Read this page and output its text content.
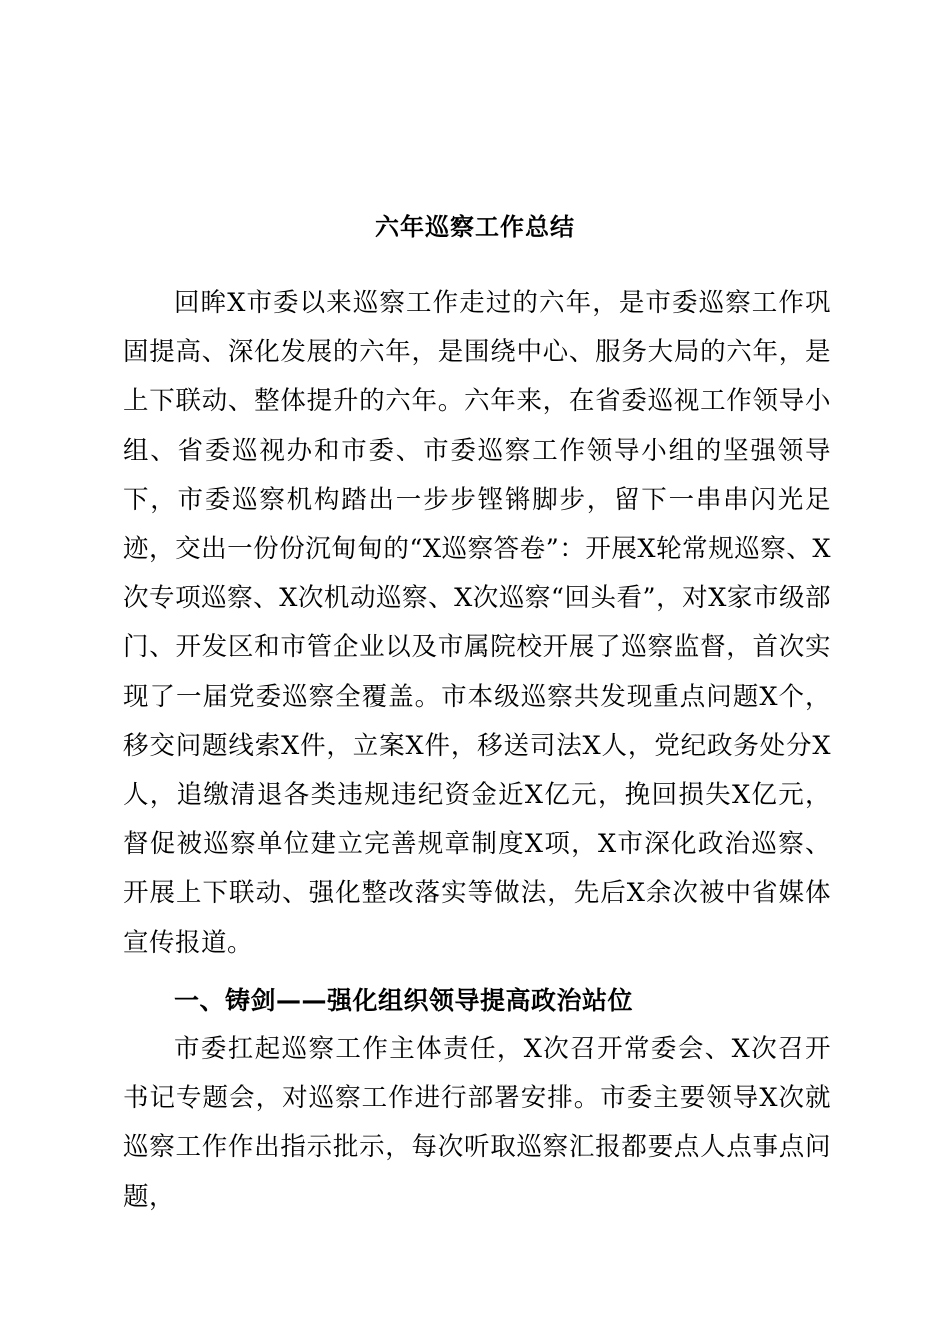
六年巡察工作总结
回眸X市委以来巡察工作走过的六年，是市委巡察工作巩固提高、深化发展的六年，是围绕中心、服务大局的六年，是上下联动、整体提升的六年。六年来，在省委巡视工作领导小组、省委巡视办和市委、市委巡察工作领导小组的坚强领导下，市委巡察机构踏出一步步铿锵脚步，留下一串串闪光足迹，交出一份份沉甸甸的“X巡察答卷”：开展X轮常规巡察、X次专项巡察、X次机动巡察、X次巡察“回头看”，对X家市级部门、开发区和市管企业以及市属院校开展了巡察监督，首次实现了一届党委巡察全覆盖。市本级巡察共发现重点问题X个，移交问题线索X件，立案X件，移送司法X人，党纪政务处分X人，追缴清退各类违规违纪资金近X亿元，挽回损失X亿元，督促被巡察单位建立完善规章制度X项，X市深化政治巡察、开展上下联动、强化整改落实等做法，先后X余次被中省媒体宣传报道。
一、铸剑——强化组织领导提高政治站位
市委扛起巡察工作主体责任，X次召开常委会、X次召开书记专题会，对巡察工作进行部署安排。市委主要领导X次就巡察工作作出指示批示，每次听取巡察汇报都要点人点事点问题，
